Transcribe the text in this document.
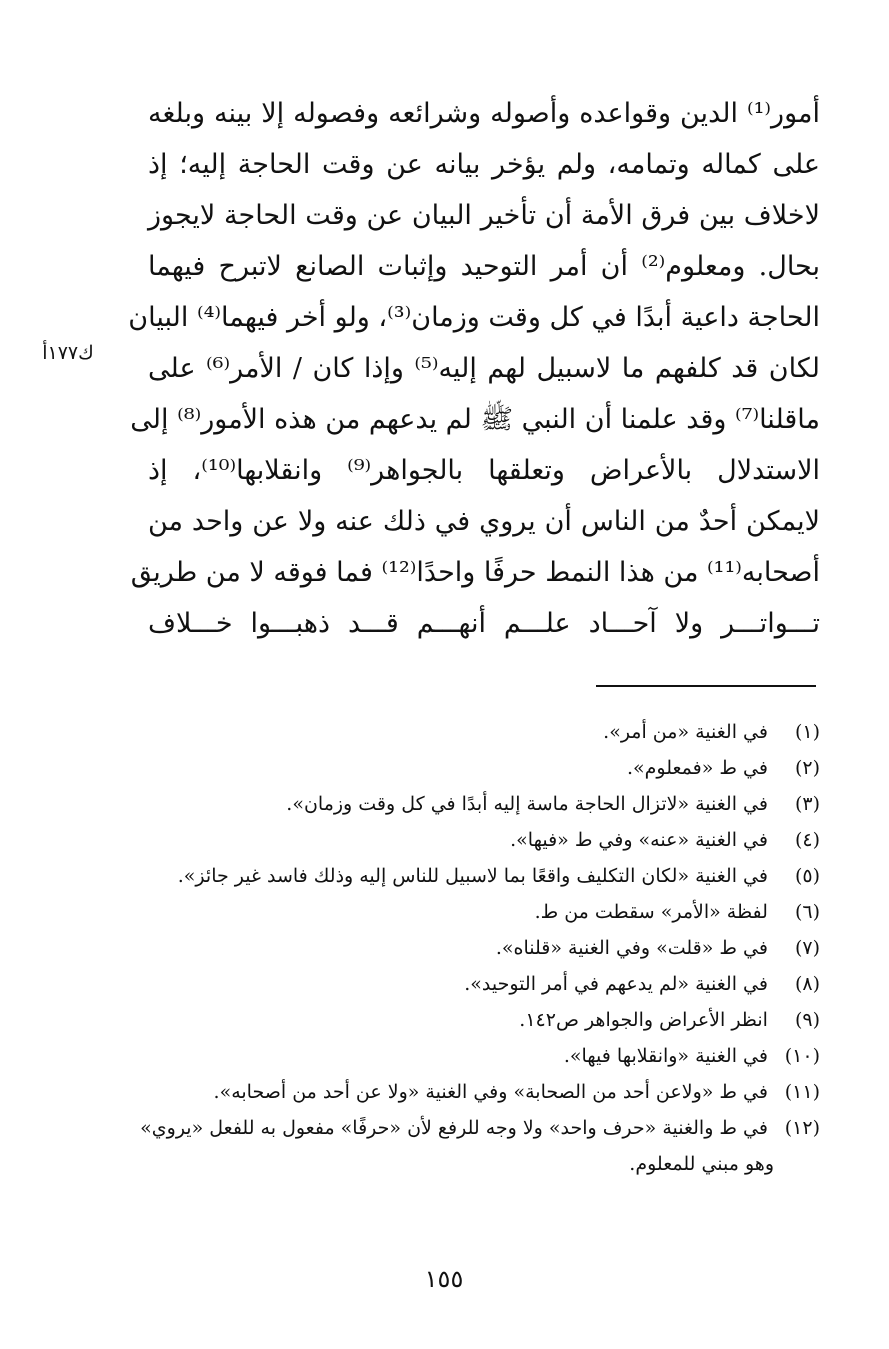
أمور⁽¹⁾ الدين وقواعده وأصوله وشرائعه وفصوله إلا بينه وبلغه
على كماله وتمامه، ولم يؤخر بيانه عن وقت الحاجة إليه؛ إذ
لاخلاف بين فرق الأمة أن تأخير البيان عن وقت الحاجة لايجوز
بحال. ومعلوم⁽²⁾ أن أمر التوحيد وإثبات الصانع لاتبرح فيهما
الحاجة داعية أبدًا في كل وقت وزمان⁽³⁾، ولو أخر فيهما⁽⁴⁾ البيان
لكان قد كلفهم ما لاسبيل لهم إليه⁽⁵⁾ وإذا كان / الأمر⁽⁶⁾ على
ماقلنا⁽⁷⁾ وقد علمنا أن النبي ﷺ لم يدعهم من هذه الأمور⁽⁸⁾ إلى
الاستدلال بالأعراض وتعلقها بالجواهر⁽⁹⁾ وانقلابها⁽¹⁰⁾، إذ
لايمكن أحدٌ من الناس أن يروي في ذلك عنه ولا عن واحد من
أصحابه⁽¹¹⁾ من هذا النمط حرفًا واحدًا⁽¹²⁾ فما فوقه لا من طريق
تـــواتـــر ولا آحـــاد علـــم أنهـــم قـــد ذهبـــوا خـــلاف
ك١٧٧أ
(١) في الغنية «من أمر».
(٢) في ط «فمعلوم».
(٣) في الغنية «لاتزال الحاجة ماسة إليه أبدًا في كل وقت وزمان».
(٤) في الغنية «عنه» وفي ط «فيها».
(٥) في الغنية «لكان التكليف واقعًا بما لاسبيل للناس إليه وذلك فاسد غير جائز».
(٦) لفظة «الأمر» سقطت من ط.
(٧) في ط «قلت» وفي الغنية «قلناه».
(٨) في الغنية «لم يدعهم في أمر التوحيد».
(٩) انظر الأعراض والجواهر ص١٤٢.
(١٠) في الغنية «وانقلابها فيها».
(١١) في ط «ولاعن أحد من الصحابة» وفي الغنية «ولا عن أحد من أصحابه».
(١٢) في ط والغنية «حرف واحد» ولا وجه للرفع لأن «حرفًا» مفعول به للفعل «يروي»
وهو مبني للمعلوم.
١٥٥
